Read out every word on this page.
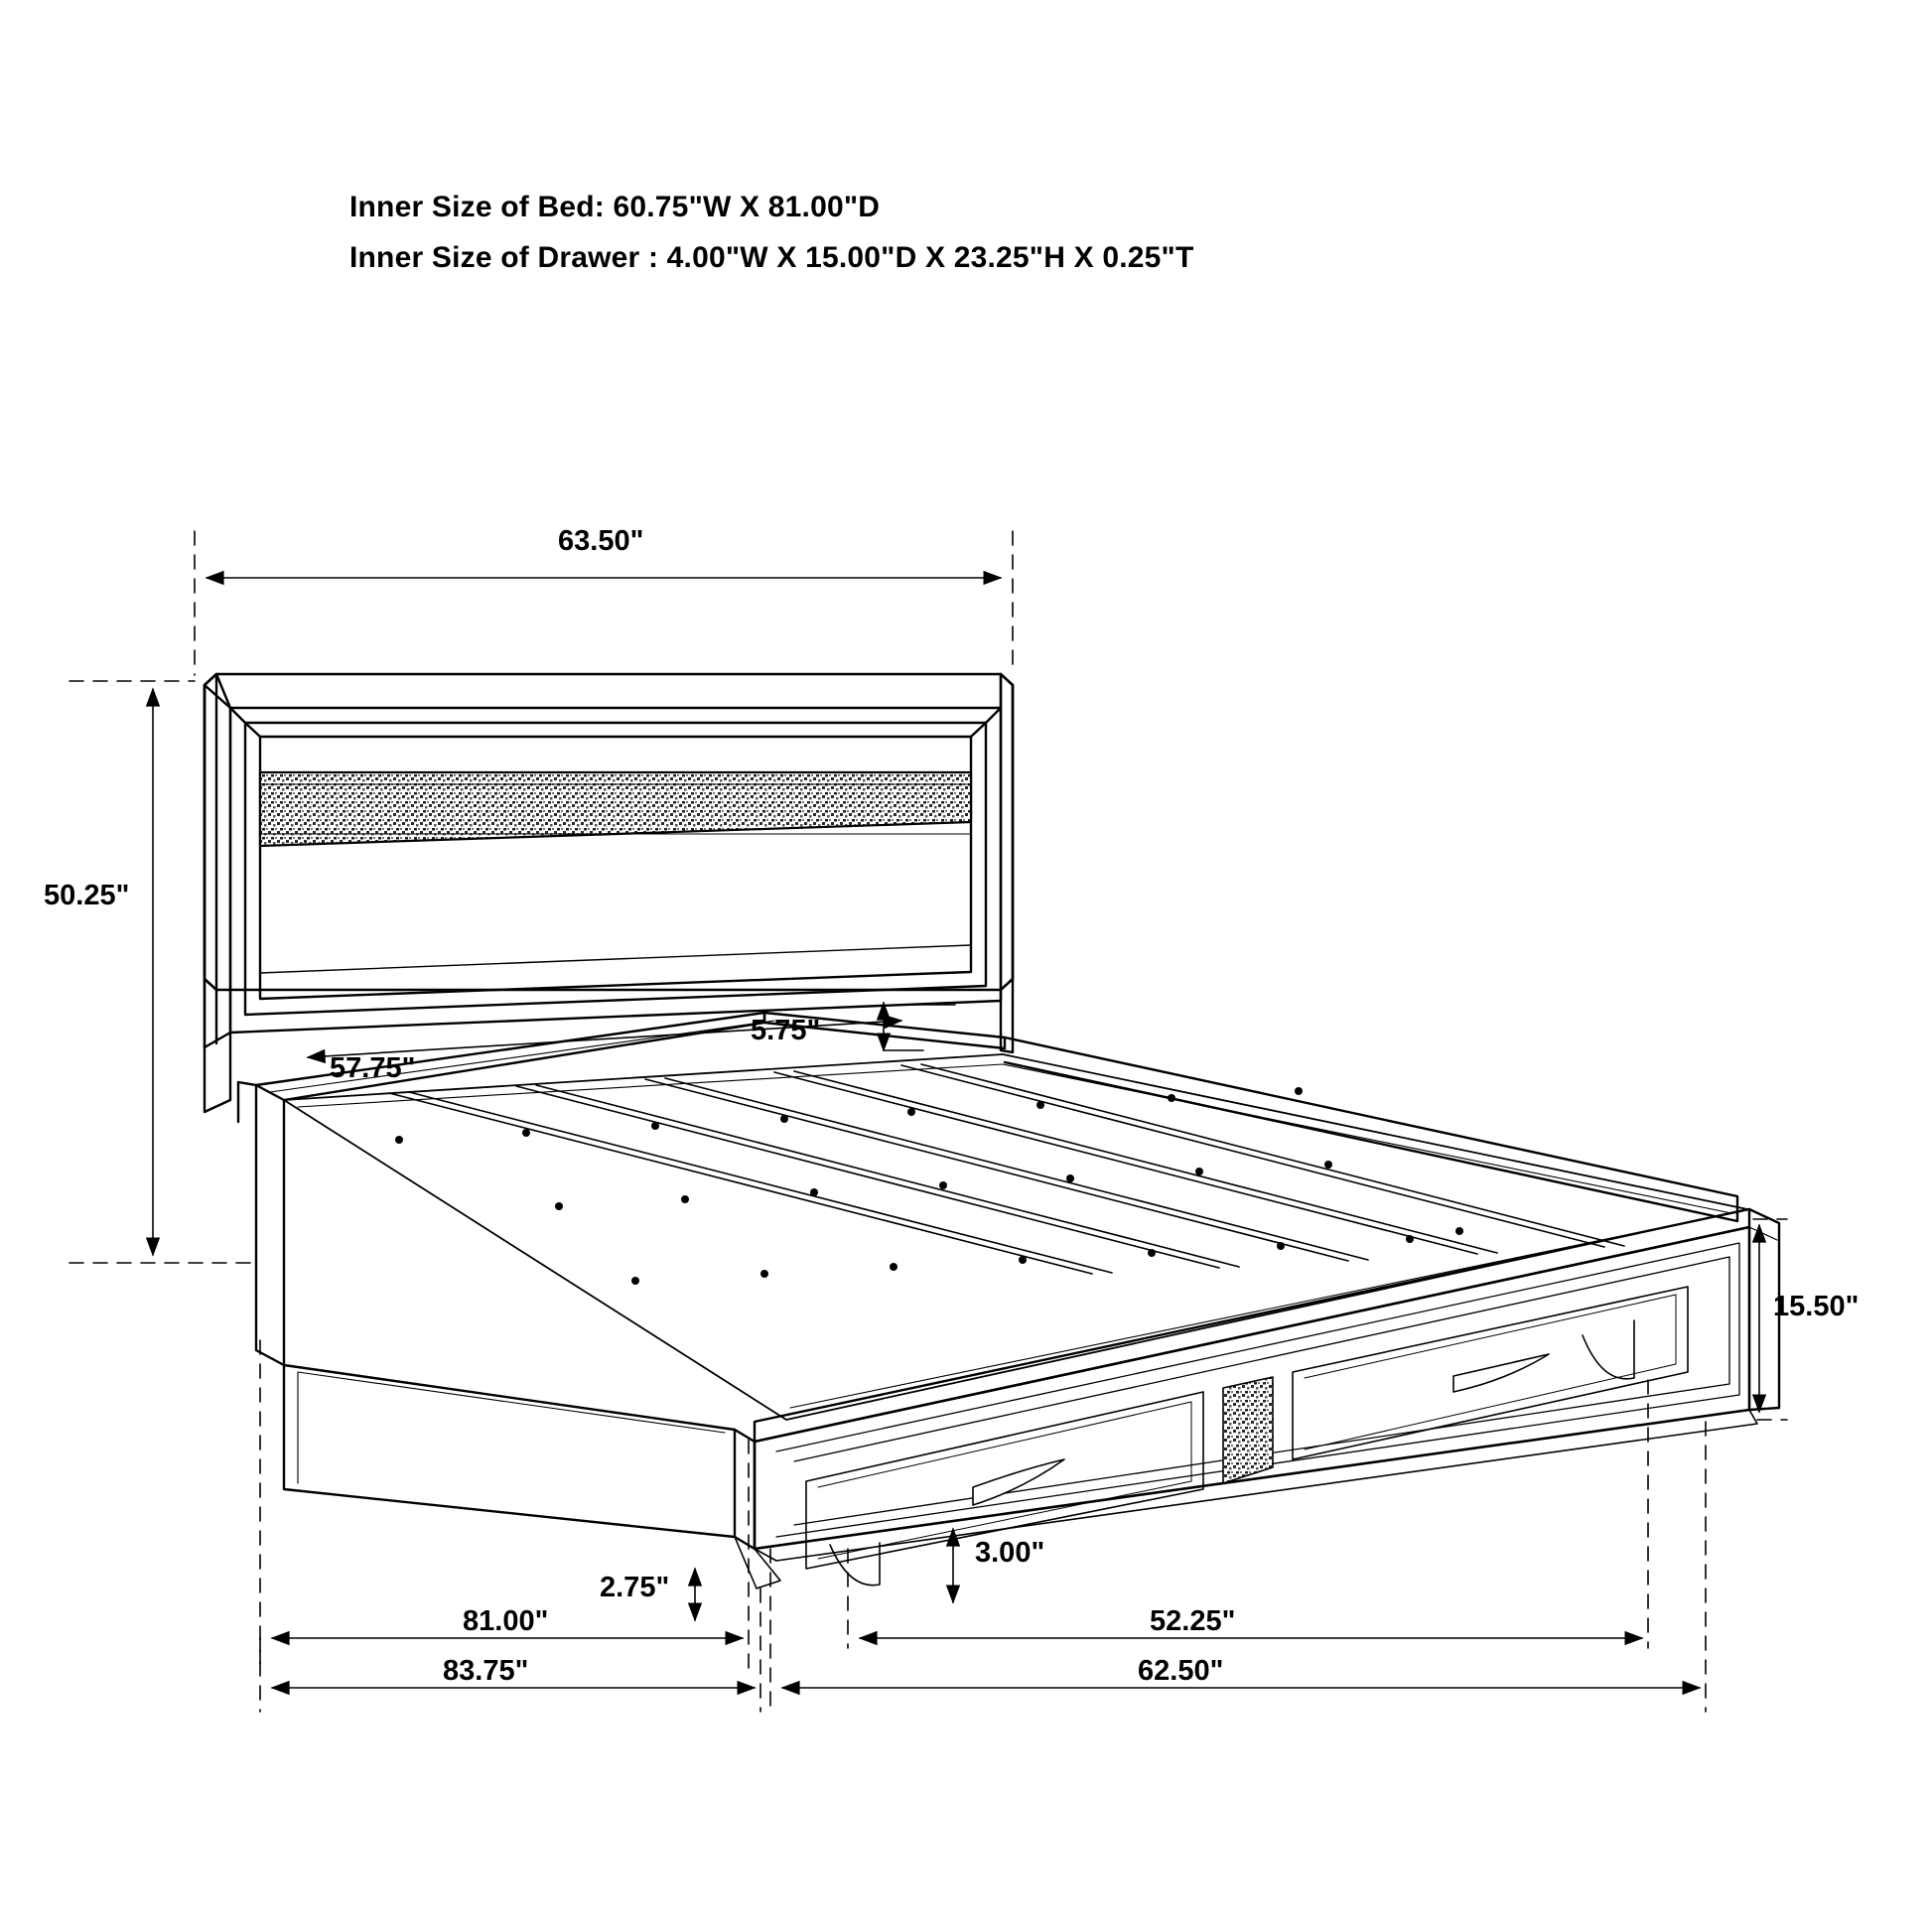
Inner Size of Bed: 60.75"W X 81.00"D
Inner Size of Drawer : 4.00"W X 15.00"D X 23.25"H X 0.25"T
63.50"
50.25"
57.75"
5.75"
15.50"
2.75"
3.00"
81.00"
83.75"
52.25"
62.50"
